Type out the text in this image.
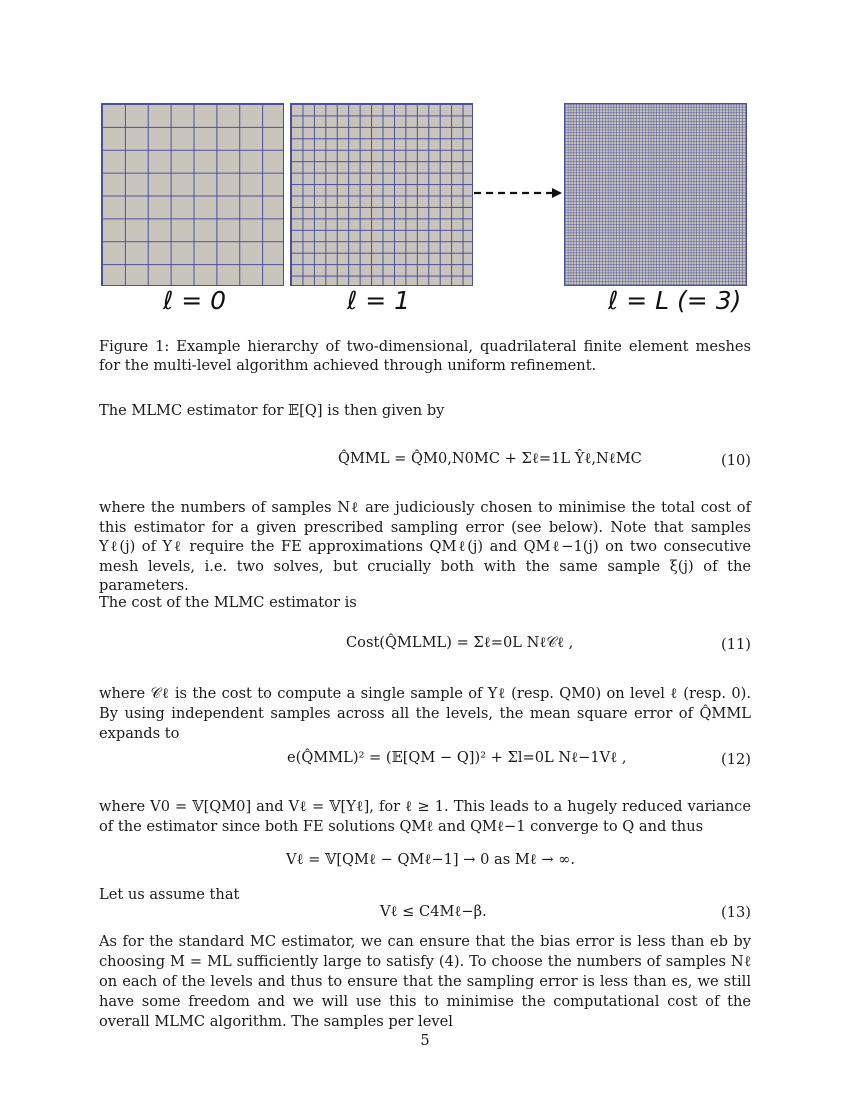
ℓ = 0	ℓ = 1	ℓ = L (= 3)
Figure 1: Example hierarchy of two-dimensional, quadrilateral finite element meshes for the multi-level algorithm achieved through uniform refinement.
The MLMC estimator for 𝔼[Q] is then given by
Q̂MML = Q̂M0,N0MC + Σℓ=1L Ŷℓ,NℓMC	(10)
where the numbers of samples Nℓ are judiciously chosen to minimise the total cost of this estimator for a given prescribed sampling error (see below). Note that samples Yℓ(j) of Yℓ require the FE approximations QMℓ(j) and QMℓ−1(j) on two consecutive mesh levels, i.e. two solves, but crucially both with the same sample ξ(j) of the parameters.
The cost of the MLMC estimator is
Cost(Q̂MLML) = Σℓ=0L Nℓ𝒞ℓ ,	(11)
where 𝒞ℓ is the cost to compute a single sample of Yℓ (resp. QM0) on level ℓ (resp. 0). By using independent samples across all the levels, the mean square error of Q̂MML expands to
e(Q̂MML)² = (𝔼[QM − Q])² + Σl=0L Nℓ−1Vℓ ,	(12)
where V0 = 𝕍[QM0] and Vℓ = 𝕍[Yℓ], for ℓ ≥ 1. This leads to a hugely reduced variance of the estimator since both FE solutions QMℓ and QMℓ−1 converge to Q and thus
Vℓ = 𝕍[QMℓ − QMℓ−1] → 0 as Mℓ → ∞.
Let us assume that
Vℓ ≤ C4Mℓ−β.	(13)
As for the standard MC estimator, we can ensure that the bias error is less than eb by choosing M = ML sufficiently large to satisfy (4). To choose the numbers of samples Nℓ on each of the levels and thus to ensure that the sampling error is less than es, we still have some freedom and we will use this to minimise the computational cost of the overall MLMC algorithm. The samples per level
5
